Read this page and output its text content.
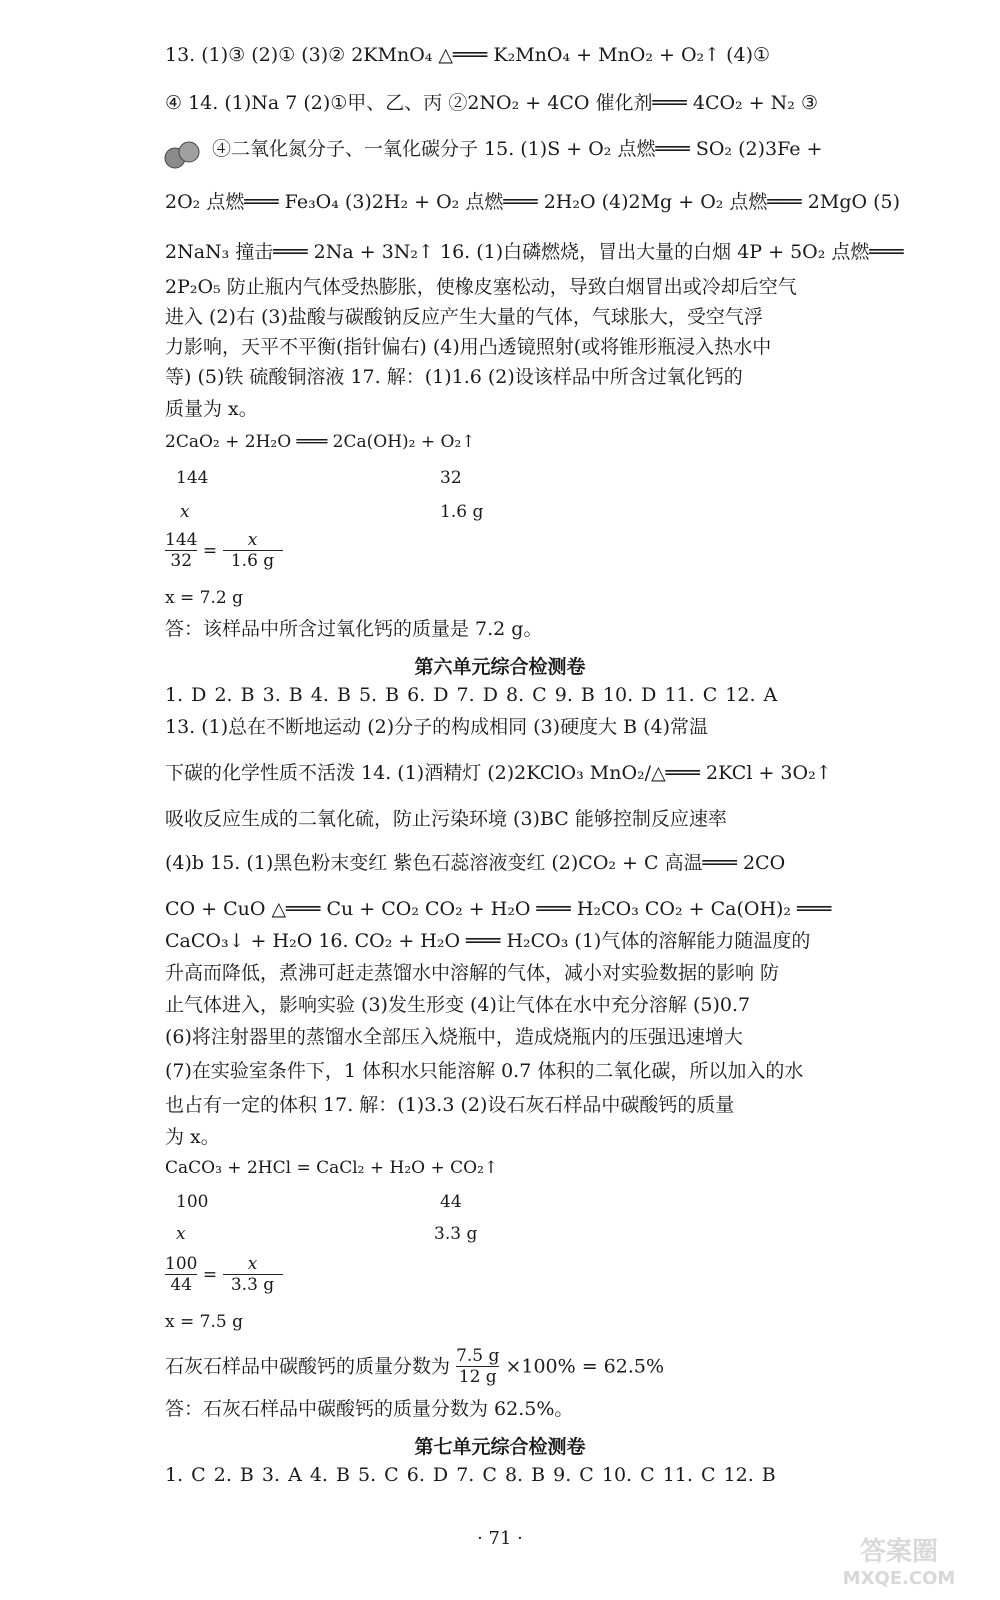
13. (1)③ (2)① (3)② 2KMnO₄ △═══ K₂MnO₄ + MnO₂ + O₂↑ (4)①
④ 14. (1)Na 7 (2)①甲、乙、丙 ②2NO₂ + 4CO 催化剂═══ 4CO₂ + N₂ ③
④二氧化氮分子、一氧化碳分子 15. (1)S + O₂ 点燃═══ SO₂ (2)3Fe +
2O₂ 点燃═══ Fe₃O₄ (3)2H₂ + O₂ 点燃═══ 2H₂O (4)2Mg + O₂ 点燃═══ 2MgO (5)
2NaN₃ 撞击═══ 2Na + 3N₂↑ 16. (1)白磷燃烧，冒出大量的白烟 4P + 5O₂ 点燃═══
2P₂O₅ 防止瓶内气体受热膨胀，使橡皮塞松动，导致白烟冒出或冷却后空气
进入 (2)右 (3)盐酸与碳酸钠反应产生大量的气体，气球胀大，受空气浮
力影响，天平不平衡(指针偏右) (4)用凸透镜照射(或将锥形瓶浸入热水中
等) (5)铁 硫酸铜溶液 17. 解：(1)1.6 (2)设该样品中所含过氧化钙的
质量为 x。
2CaO₂ + 2H₂O ═══ 2Ca(OH)₂ + O₂↑
144	32
x	1.6 g
$\frac{144}{32} = \frac{x}{1.6 g}$
x = 7.2 g
答：该样品中所含过氧化钙的质量是 7.2 g。
第六单元综合检测卷
1. D 2. B 3. B 4. B 5. B 6. D 7. D 8. C 9. B 10. D 11. C 12. A
13. (1)总在不断地运动 (2)分子的构成相同 (3)硬度大 B (4)常温
下碳的化学性质不活泼 14. (1)酒精灯 (2)2KClO₃ MnO₂/△═══ 2KCl + 3O₂↑
吸收反应生成的二氧化硫，防止污染环境 (3)BC 能够控制反应速率
(4)b 15. (1)黑色粉末变红 紫色石蕊溶液变红 (2)CO₂ + C 高温═══ 2CO
CO + CuO △═══ Cu + CO₂ CO₂ + H₂O ═══ H₂CO₃ CO₂ + Ca(OH)₂ ═══
CaCO₃↓ + H₂O 16. CO₂ + H₂O ═══ H₂CO₃ (1)气体的溶解能力随温度的
升高而降低，煮沸可赶走蒸馏水中溶解的气体，减小对实验数据的影响 防
止气体进入，影响实验 (3)发生形变 (4)让气体在水中充分溶解 (5)0.7
(6)将注射器里的蒸馏水全部压入烧瓶中，造成烧瓶内的压强迅速增大
(7)在实验室条件下，1 体积水只能溶解 0.7 体积的二氧化碳，所以加入的水
也占有一定的体积 17. 解：(1)3.3 (2)设石灰石样品中碳酸钙的质量
为 x。
CaCO₃ + 2HCl = CaCl₂ + H₂O + CO₂↑
100	44
x	3.3 g
$\frac{100}{44} = \frac{x}{3.3 g}$
x = 7.5 g
石灰石样品中碳酸钙的质量分数为 $\frac{7.5 g}{12 g} \times 100\% = 62.5\%$
答：石灰石样品中碳酸钙的质量分数为 62.5%。
第七单元综合检测卷
1. C 2. B 3. A 4. B 5. C 6. D 7. C 8. B 9. C 10. C 11. C 12. B
· 71 ·	答案圈
MXQE.COM
